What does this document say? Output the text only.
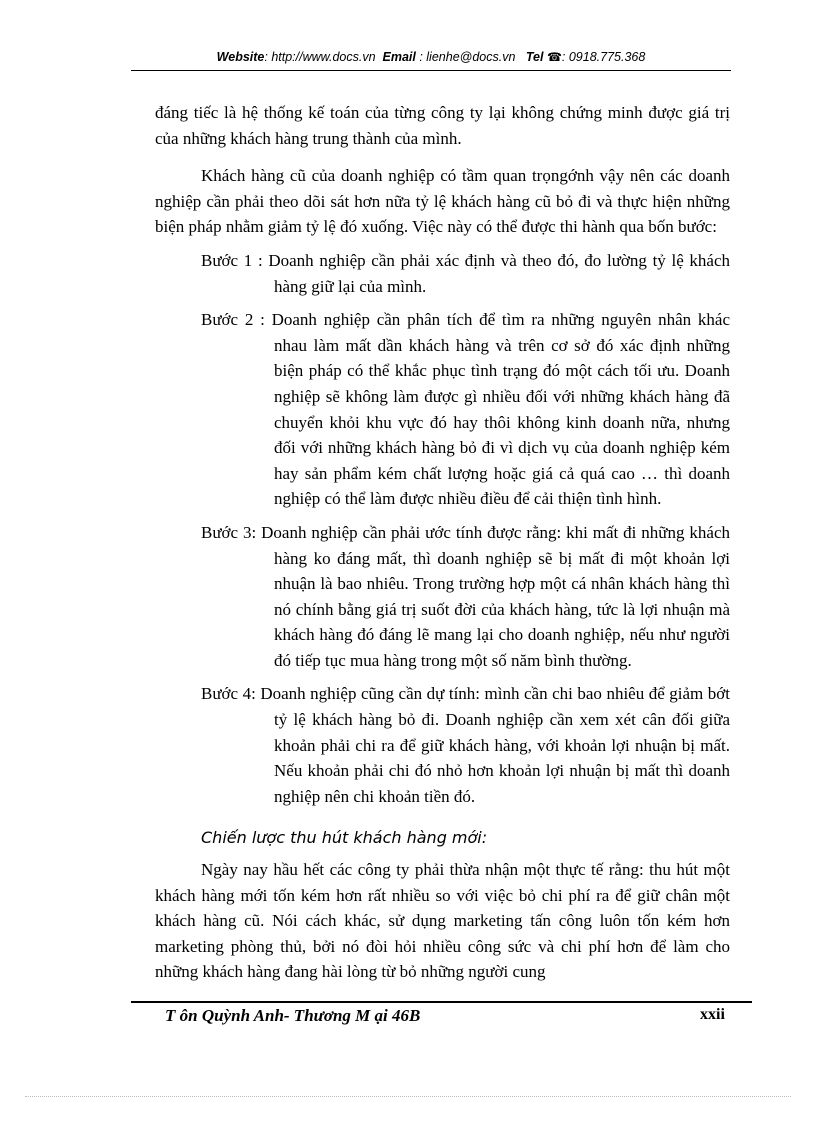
Website: http://www.docs.vn Email : lienhe@docs.vn Tel ☎: 0918.775.368

đáng tiếc là hệ thống kế toán của từng công ty lại không chứng minh được giá trị của những khách hàng trung thành của mình.

Khách hàng cũ của doanh nghiệp có tầm quan trọngớnh vậy nên các doanh nghiệp cần phải theo dõi sát hơn nữa tỷ lệ khách hàng cũ bỏ đi và thực hiện những biện pháp nhằm giảm tỷ lệ đó xuống. Việc này có thể được thi hành qua bốn bước:

Bước 1 : Doanh nghiệp cần phải xác định và theo đó, đo lường tỷ lệ khách hàng giữ lại của mình.

Bước 2 : Doanh nghiệp cần phân tích để tìm ra những nguyên nhân khác nhau làm mất dần khách hàng và trên cơ sở đó xác định những biện pháp có thể khắc phục tình trạng đó một cách tối ưu. Doanh nghiệp sẽ không làm được gì nhiều đối với những khách hàng đã chuyển khỏi khu vực đó hay thôi không kinh doanh nữa, nhưng đối với những khách hàng bỏ đi vì dịch vụ của doanh nghiệp kém hay sản phẩm kém chất lượng hoặc giá cả quá cao … thì doanh nghiệp có thể làm được nhiều điều để cải thiện tình hình.

Bước 3: Doanh nghiệp cần phải ước tính được rằng: khi mất đi những khách hàng ko đáng mất, thì doanh nghiệp sẽ bị mất đi một khoản lợi nhuận là bao nhiêu. Trong trường hợp một cá nhân khách hàng thì nó chính bằng giá trị suốt đời của khách hàng, tức là lợi nhuận mà khách hàng đó đáng lẽ mang lại cho doanh nghiệp, nếu như người đó tiếp tục mua hàng trong một số năm bình thường.

Bước 4: Doanh nghiệp cũng cần dự tính: mình cần chi bao nhiêu để giảm bớt tỷ lệ khách hàng bỏ đi. Doanh nghiệp cần xem xét cân đối giữa khoản phải chi ra để giữ khách hàng, với khoản lợi nhuận bị mất. Nếu khoản phải chi đó nhỏ hơn khoản lợi nhuận bị mất thì doanh nghiệp nên chi khoản tiền đó.

Chiến lược thu hút khách hàng mới:

Ngày nay hầu hết các công ty phải thừa nhận một thực tế rằng: thu hút một khách hàng mới tốn kém hơn rất nhiều so với việc bỏ chi phí ra để giữ chân một khách hàng cũ. Nói cách khác, sử dụng marketing tấn công luôn tốn kém hơn marketing phòng thủ, bởi nó đòi hỏi nhiều công sức và chi phí hơn để làm cho những khách hàng đang hài lòng từ bỏ những người cung

T ôn Quỳnh Anh- Thương M ại 46B	xxii
